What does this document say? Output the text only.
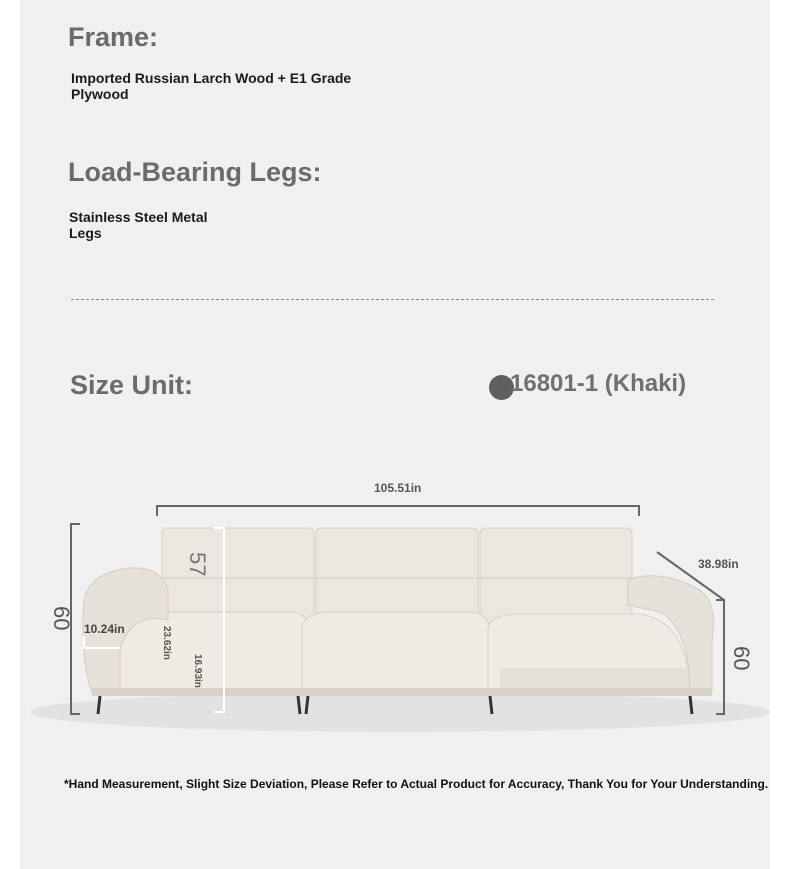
Frame:
Imported Russian Larch Wood + E1 Grade Plywood
Load-Bearing Legs:
Stainless Steel Metal Legs
Size Unit:	16801-1 (Khaki)
105.51in
38.98in
10.24in	23.62in
16.93in
60
57
60
*Hand Measurement, Slight Size Deviation, Please Refer to Actual Product for Accuracy, Thank You for Your Understanding.
